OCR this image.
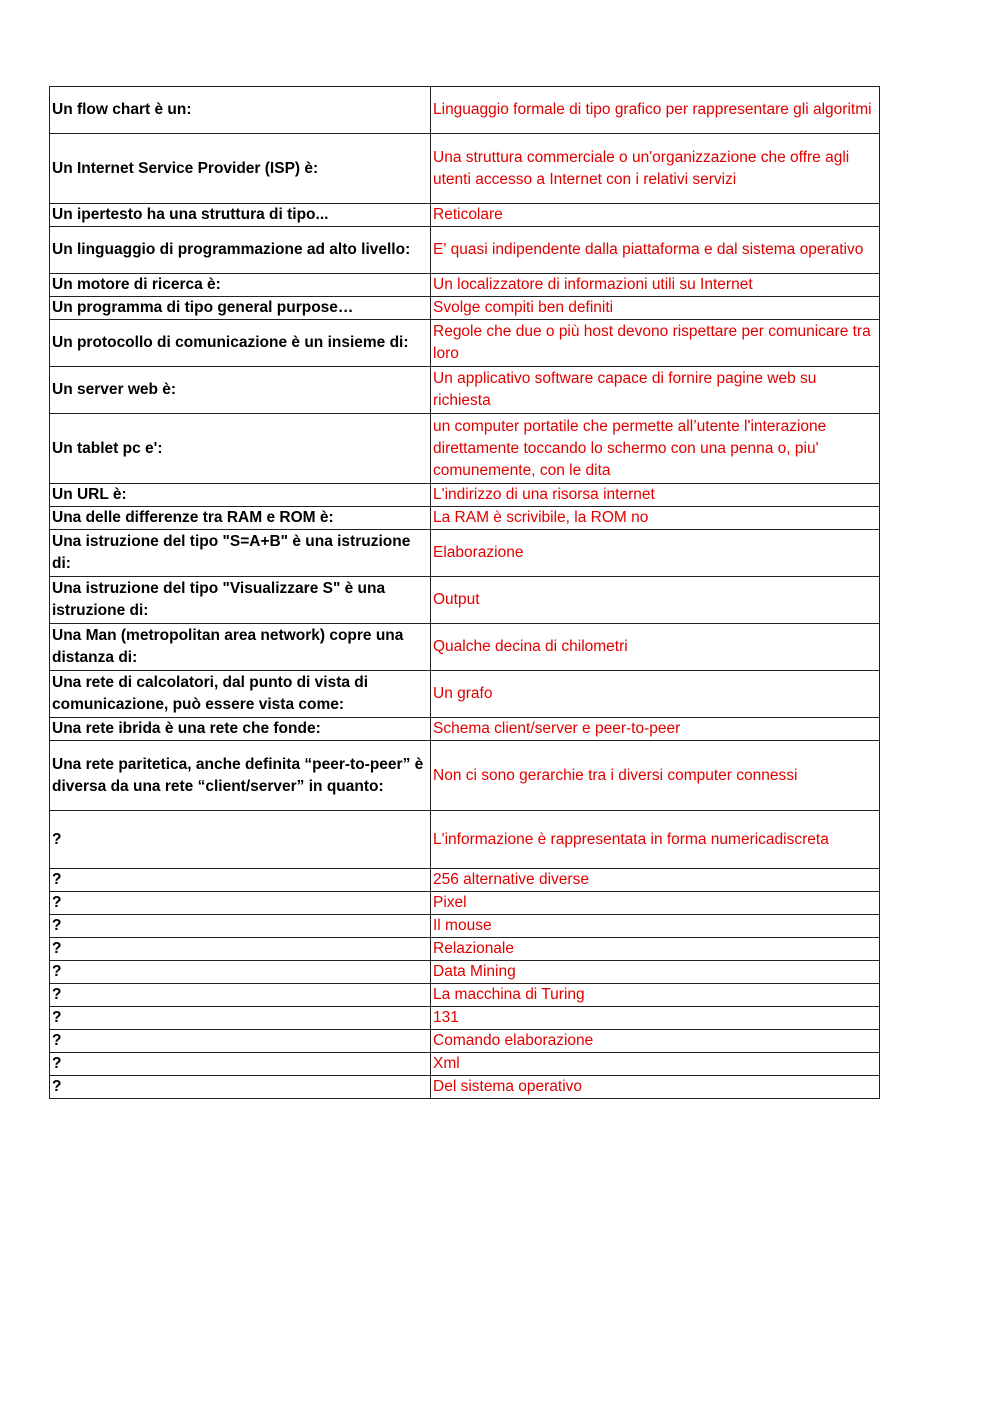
Un flow chart è un:	Linguaggio formale di tipo grafico per rappresentare gli algoritmi
Un Internet Service Provider (ISP) è:	Una struttura commerciale o un'organizzazione che offre agli utenti accesso a Internet con i relativi servizi
Un ipertesto ha una struttura di tipo...	Reticolare
Un linguaggio di programmazione ad alto livello:	E' quasi indipendente dalla piattaforma e dal sistema operativo
Un motore di ricerca è:	Un localizzatore di informazioni utili su Internet
Un programma di tipo general purpose…	Svolge compiti ben definiti
Un protocollo di comunicazione è un insieme di:	Regole che due o più host devono rispettare per comunicare tra loro
Un server web è:	Un applicativo software capace di fornire pagine web su richiesta
Un tablet pc e':	un computer portatile che permette all’utente l'interazione direttamente toccando lo schermo con una penna o, piu' comunemente, con le dita
Un URL è:	L'indirizzo di una risorsa internet
Una delle differenze tra RAM e ROM è:	La RAM è scrivibile, la ROM no
Una istruzione del tipo "S=A+B" è una istruzione di:	Elaborazione
Una istruzione del tipo "Visualizzare S" è una istruzione di:	Output
Una Man (metropolitan area network) copre una distanza di:	Qualche decina di chilometri
Una rete di calcolatori, dal punto di vista di comunicazione, può essere vista come:	Un grafo
Una rete ibrida è una rete che fonde:	Schema client/server e peer-to-peer
Una rete paritetica, anche definita “peer-to-peer” è diversa da una rete “client/server” in quanto:	Non ci sono gerarchie tra i diversi computer connessi
?	L'informazione è rappresentata in forma numericadiscreta
?	256 alternative diverse
?	Pixel
?	Il mouse
?	Relazionale
?	Data Mining
?	La macchina di Turing
?	131
?	Comando elaborazione
?	Xml
?	Del sistema operativo
